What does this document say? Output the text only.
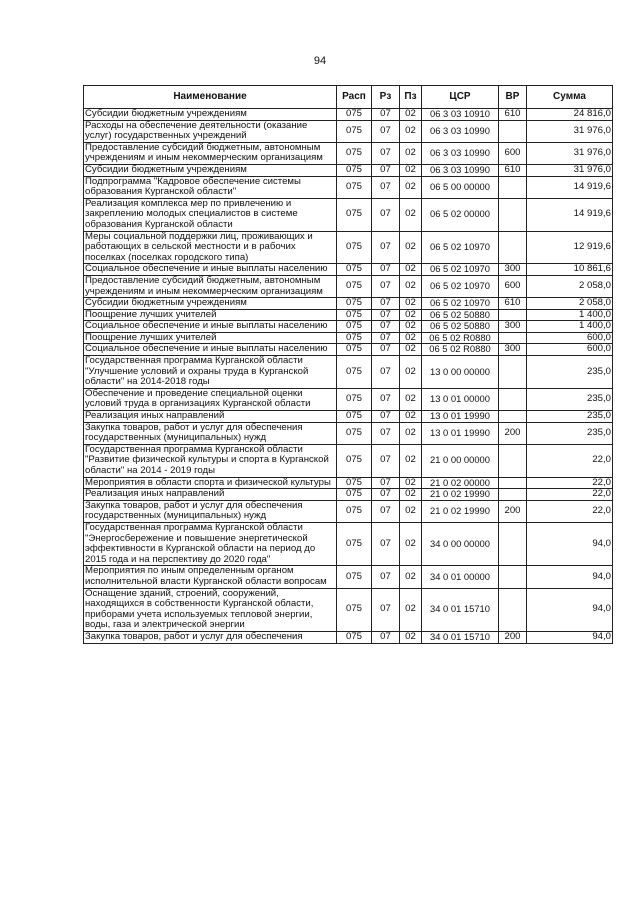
94
Наименование	Расп	Рз	Пз	ЦСР	ВР	Сумма
Субсидии бюджетным учреждениям	075	07	02	06 3 03 10910	610	24 816,0
Расходы на обеспечение деятельности (оказание услуг) государственных учреждений	075	07	02	06 3 03 10990		31 976,0
Предоставление субсидий бюджетным, автономным учреждениям и иным некоммерческим организациям	075	07	02	06 3 03 10990	600	31 976,0
Субсидии бюджетным учреждениям	075	07	02	06 3 03 10990	610	31 976,0
Подпрограмма "Кадровое обеспечение системы образования Курганской области"	075	07	02	06 5 00 00000		14 919,6
Реализация комплекса мер по привлечению и закреплению молодых специалистов в системе образования Курганской области	075	07	02	06 5 02 00000		14 919,6
Меры социальной поддержки лиц, проживающих и работающих в сельской местности и в рабочих поселках (поселках городского типа)	075	07	02	06 5 02 10970		12 919,6
Социальное обеспечение и иные выплаты населению	075	07	02	06 5 02 10970	300	10 861,6
Предоставление субсидий бюджетным, автономным учреждениям и иным некоммерческим организациям	075	07	02	06 5 02 10970	600	2 058,0
Субсидии бюджетным учреждениям	075	07	02	06 5 02 10970	610	2 058,0
Поощрение лучших учителей	075	07	02	06 5 02 50880		1 400,0
Социальное обеспечение и иные выплаты населению	075	07	02	06 5 02 50880	300	1 400,0
Поощрение лучших учителей	075	07	02	06 5 02 R0880		600,0
Социальное обеспечение и иные выплаты населению	075	07	02	06 5 02 R0880	300	600,0
Государственная программа Курганской области "Улучшение условий и охраны труда в Курганской области" на 2014-2018 годы	075	07	02	13 0 00 00000		235,0
Обеспечение и проведение специальной оценки условий труда в организациях Курганской области	075	07	02	13 0 01 00000		235,0
Реализация иных направлений	075	07	02	13 0 01 19990		235,0
Закупка товаров, работ и услуг для обеспечения государственных (муниципальных) нужд	075	07	02	13 0 01 19990	200	235,0
Государственная программа Курганской области "Развитие физической культуры и спорта в Курганской области" на 2014 - 2019 годы	075	07	02	21 0 00 00000		22,0
Мероприятия в области спорта и физической культуры	075	07	02	21 0 02 00000		22,0
Реализация иных направлений	075	07	02	21 0 02 19990		22,0
Закупка товаров, работ и услуг для обеспечения государственных (муниципальных) нужд	075	07	02	21 0 02 19990	200	22,0
Государственная программа Курганской области "Энергосбережение и повышение энергетической эффективности в Курганской области на период до 2015 года и на перспективу до 2020 года"	075	07	02	34 0 00 00000		94,0
Мероприятия по иным определенным органом исполнительной власти Курганской области вопросам	075	07	02	34 0 01 00000		94,0
Оснащение зданий, строений, сооружений, находящихся в собственности Курганской области, приборами учета используемых тепловой энергии, воды, газа и электрической энергии	075	07	02	34 0 01 15710		94,0
Закупка товаров, работ и услуг для обеспечения	075	07	02	34 0 01 15710	200	94,0
